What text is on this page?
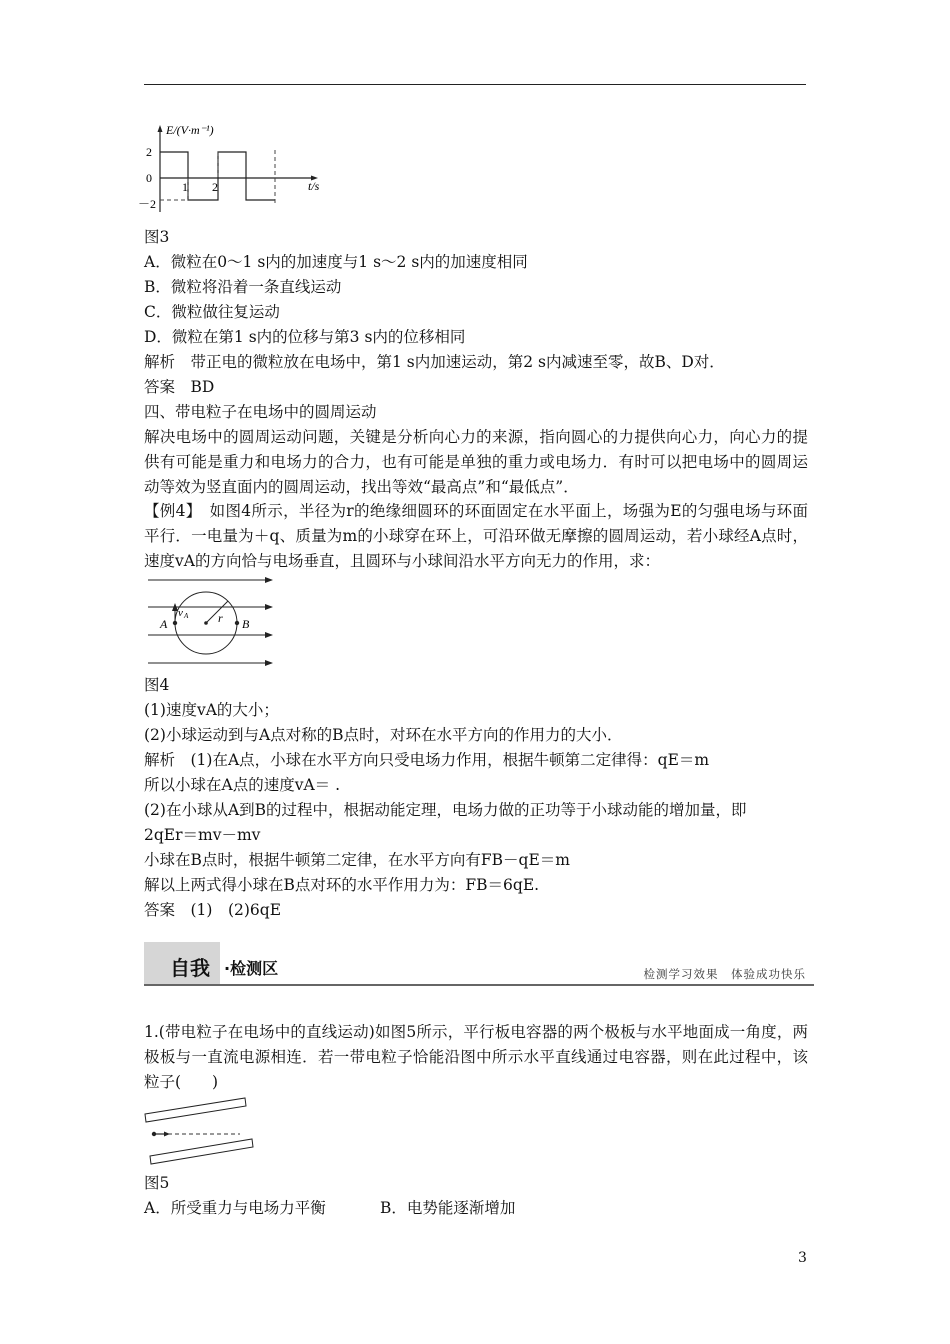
E/(V·m⁻¹)
2
0
－2
1 2	t/s
图3
A．微粒在0～1 s内的加速度与1 s～2 s内的加速度相同
B．微粒将沿着一条直线运动
C．微粒做往复运动
D．微粒在第1 s内的位移与第3 s内的位移相同
解析　带正电的微粒放在电场中，第1 s内加速运动，第2 s内减速至零，故B、D对．
答案　BD
四、带电粒子在电场中的圆周运动
解决电场中的圆周运动问题，关键是分析向心力的来源，指向圆心的力提供向心力，向心力的提供有可能是重力和电场力的合力，也有可能是单独的重力或电场力．有时可以把电场中的圆周运动等效为竖直面内的圆周运动，找出等效“最高点”和“最低点”．
【例4】　如图4所示，半径为r的绝缘细圆环的环面固定在水平面上，场强为E的匀强电场与环面平行．一电量为＋q、质量为m的小球穿在环上，可沿环做无摩擦的圆周运动，若小球经A点时，速度vA的方向恰与电场垂直，且圆环与小球间沿水平方向无力的作用，求：
A	B
r
v A
图4
(1)速度vA的大小；
(2)小球运动到与A点对称的B点时，对环在水平方向的作用力的大小．
解析　(1)在A点，小球在水平方向只受电场力作用，根据牛顿第二定律得：qE＝m
所以小球在A点的速度vA＝ .
(2)在小球从A到B的过程中，根据动能定理，电场力做的正功等于小球动能的增加量，即
2qEr＝mv－mv
小球在B点时，根据牛顿第二定律，在水平方向有FB－qE＝m
解以上两式得小球在B点对环的水平作用力为：FB＝6qE.
答案　(1)　(2)6qE
自我 ·检测区	检测学习效果　体验成功快乐
1.(带电粒子在电场中的直线运动)如图5所示，平行板电容器的两个极板与水平地面成一角度，两极板与一直流电源相连．若一带电粒子恰能沿图中所示水平直线通过电容器，则在此过程中，该粒子(　　)
图5
A．所受重力与电场力平衡	B．电势能逐渐增加
3
